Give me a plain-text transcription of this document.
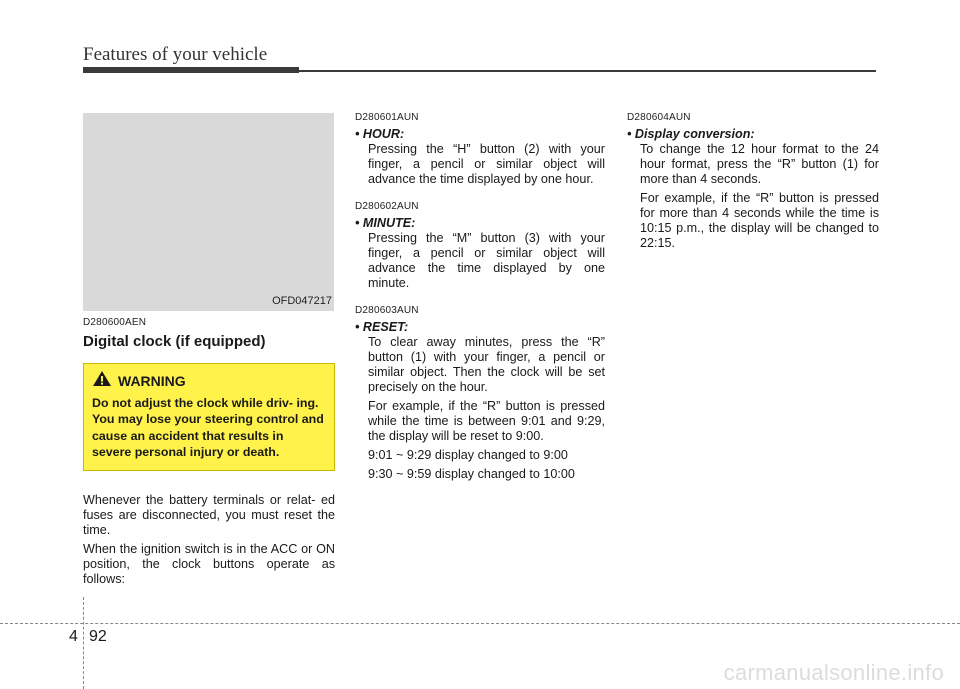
Features of your vehicle
OFD047217
D280600AEN
Digital clock (if equipped)
WARNING
Do not adjust the clock while driv- ing. You may lose your steering control and cause an accident that results in severe personal injury or death.

Whenever the battery terminals or relat- ed fuses are disconnected, you must reset the time.

When the ignition switch is in the ACC or ON position, the clock buttons operate as follows:

D280601AUN
• HOUR:

Pressing the “H” button (2) with your finger, a pencil or similar object will advance the time displayed by one hour.

D280602AUN
• MINUTE:

Pressing the “M” button (3) with your finger, a pencil or similar object will advance the time displayed by one minute.

D280603AUN
• RESET:

To clear away minutes, press the “R” button (1) with your finger, a pencil or similar object. Then the clock will be set precisely on the hour.

For example, if the “R” button is pressed while the time is between 9:01 and 9:29, the display will be reset to 9:00.

9:01 ~ 9:29 display changed to 9:00

9:30 ~ 9:59 display changed to 10:00

D280604AUN
• Display conversion:

To change the 12 hour format to the 24 hour format, press the “R” button (1) for more than 4 seconds.

For example, if the “R” button is pressed for more than 4 seconds while the time is 10:15 p.m., the display will be changed to 22:15.

4 92
carmanualsonline.info
